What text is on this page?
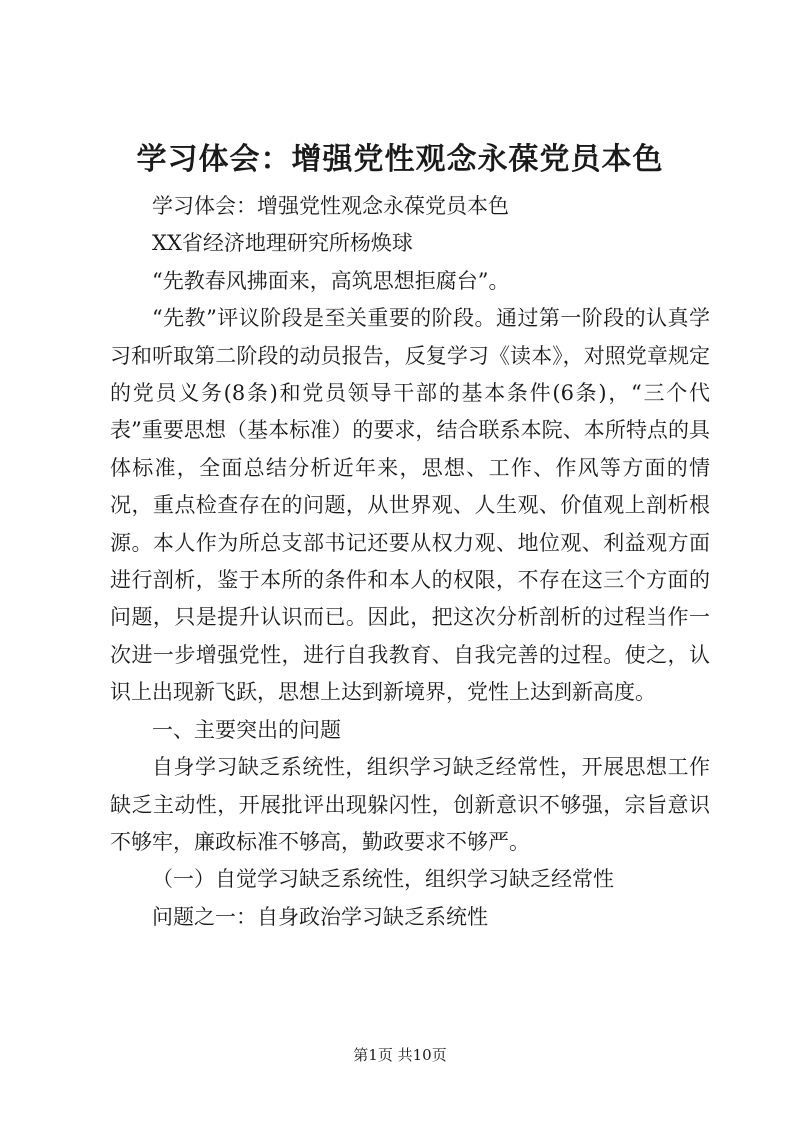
学习体会：增强党性观念永葆党员本色

学习体会：增强党性观念永葆党员本色

XX省经济地理研究所杨焕球

“先教春风拂面来，高筑思想拒腐台”。

“先教”评议阶段是至关重要的阶段。通过第一阶段的认真学习和听取第二阶段的动员报告，反复学习《读本》，对照党章规定的党员义务(8条)和党员领导干部的基本条件(6条)，“三个代表”重要思想（基本标准）的要求，结合联系本院、本所特点的具体标准，全面总结分析近年来，思想、工作、作风等方面的情况，重点检查存在的问题，从世界观、人生观、价值观上剖析根源。本人作为所总支部书记还要从权力观、地位观、利益观方面进行剖析，鉴于本所的条件和本人的权限，不存在这三个方面的问题，只是提升认识而已。因此，把这次分析剖析的过程当作一次进一步增强党性，进行自我教育、自我完善的过程。使之，认识上出现新飞跃，思想上达到新境界，党性上达到新高度。

一、主要突出的问题

自身学习缺乏系统性，组织学习缺乏经常性，开展思想工作缺乏主动性，开展批评出现躲闪性，创新意识不够强，宗旨意识不够牢，廉政标准不够高，勤政要求不够严。

（一）自觉学习缺乏系统性，组织学习缺乏经常性

问题之一：自身政治学习缺乏系统性

第1页 共10页
